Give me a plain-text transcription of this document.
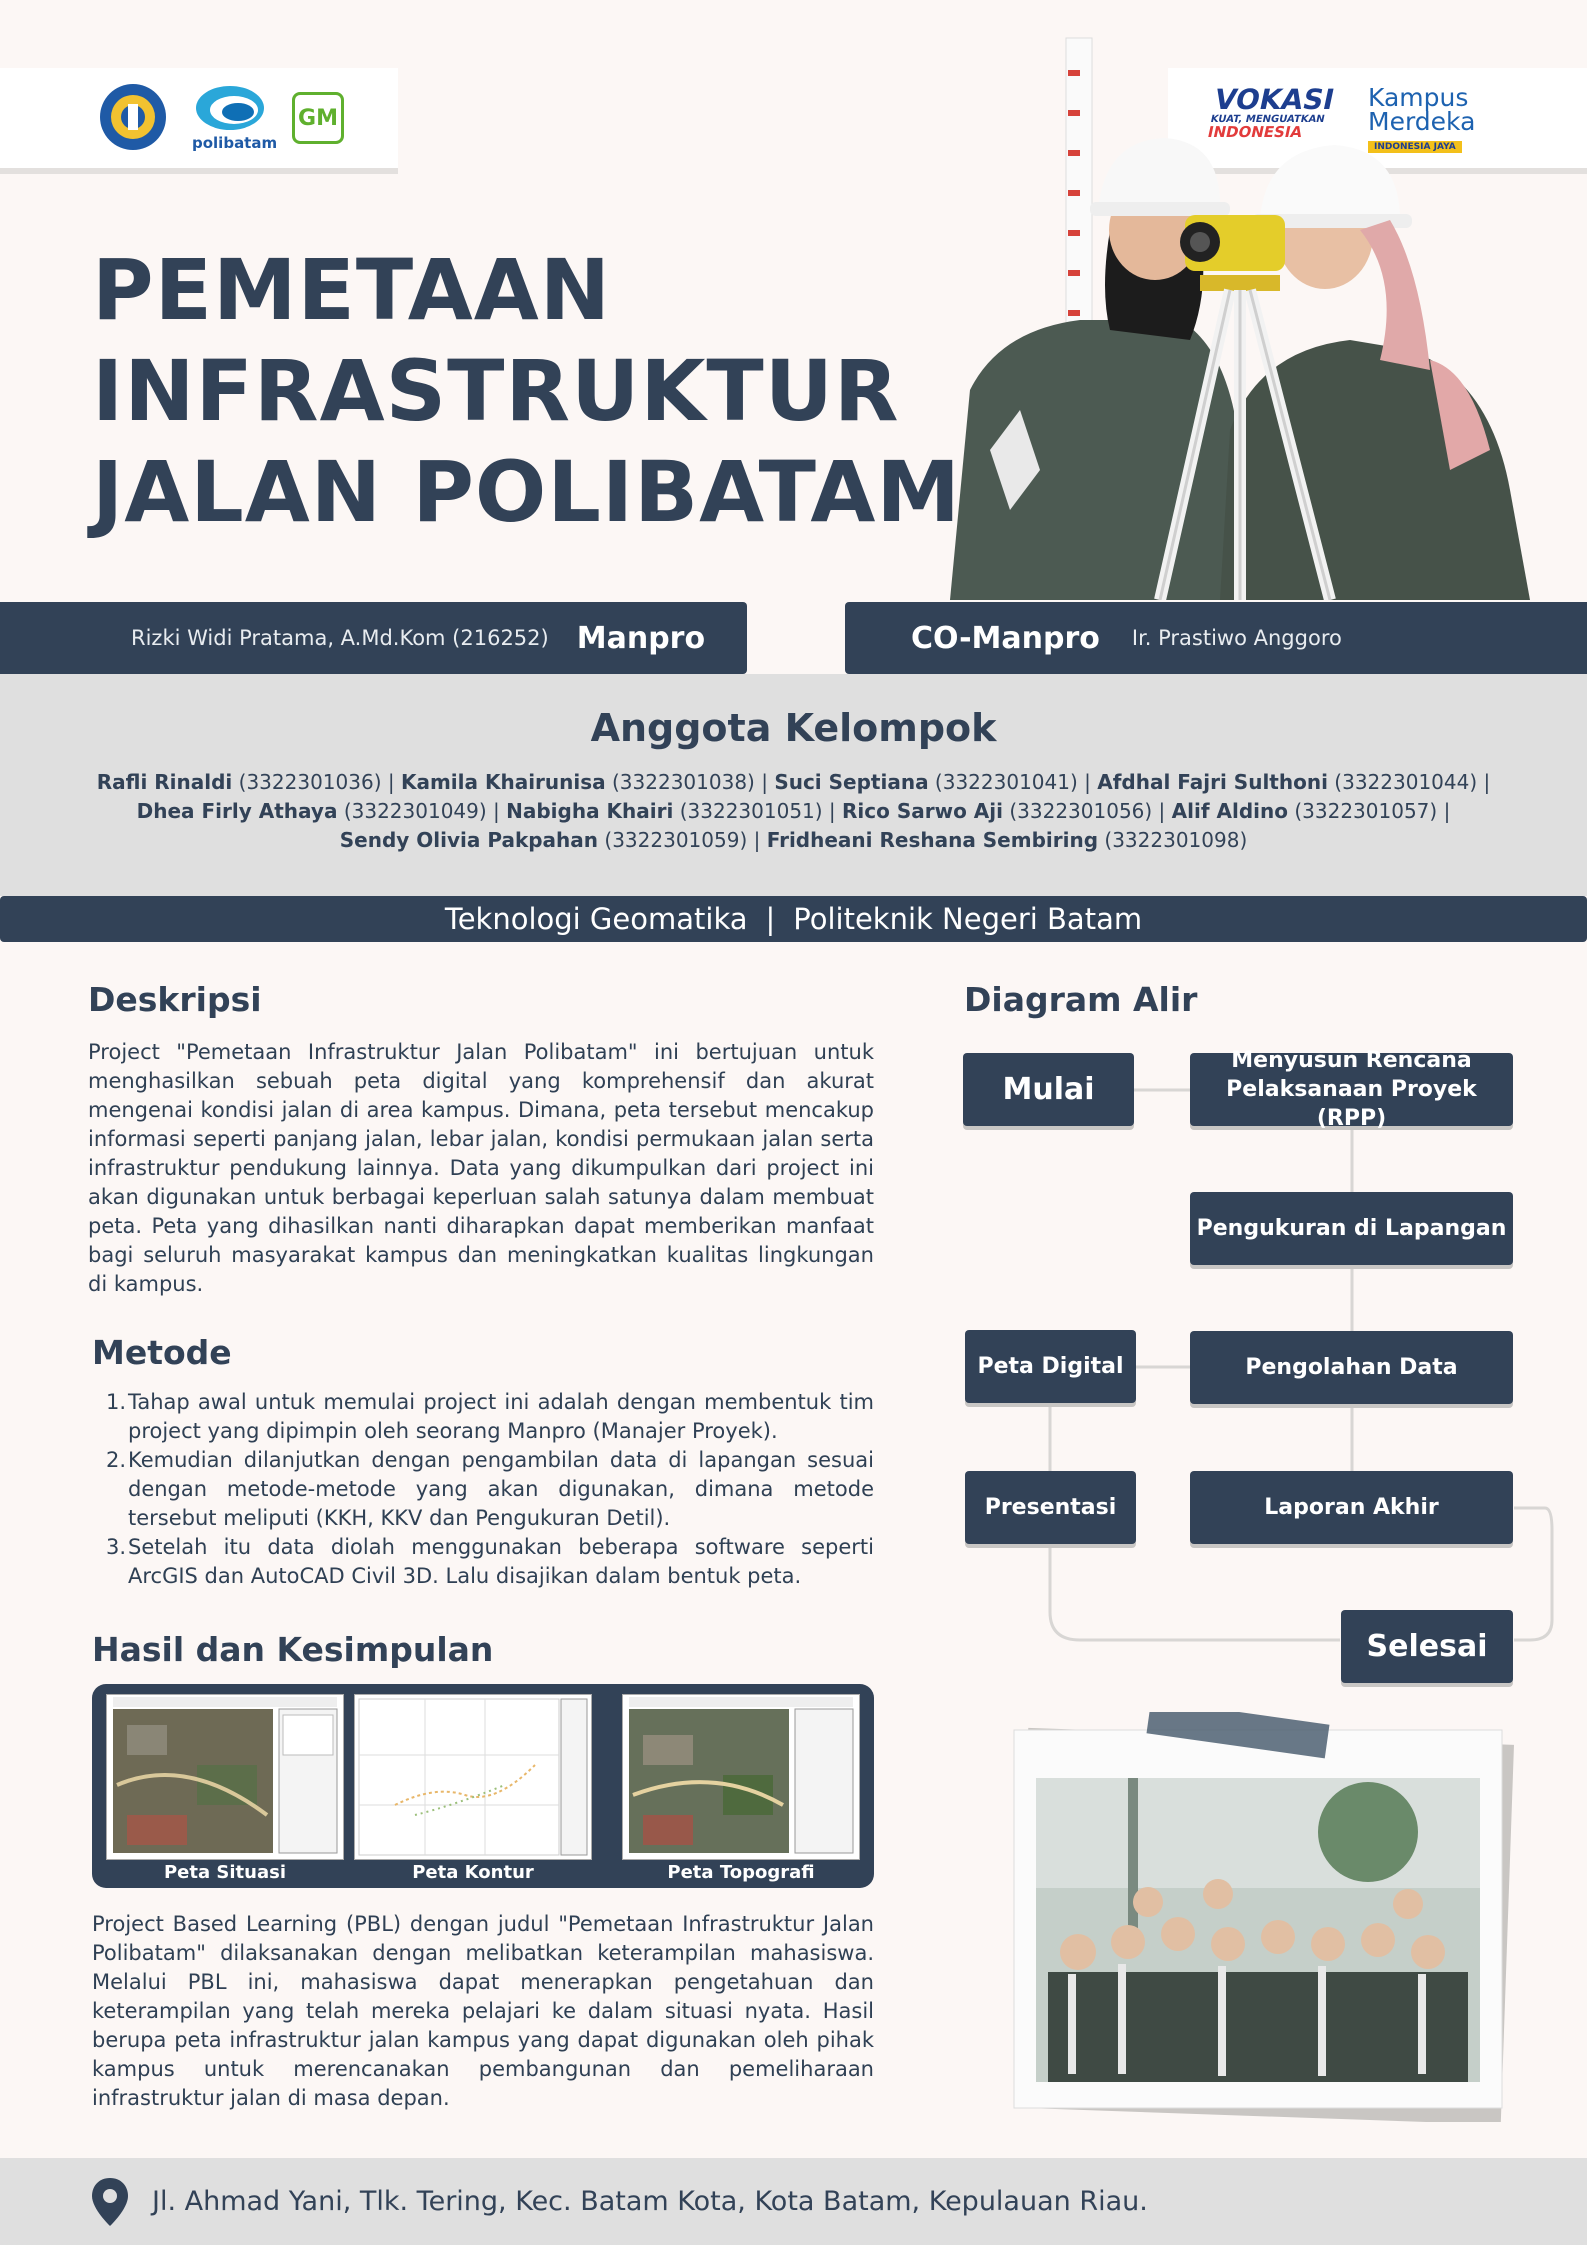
polibatam
GM
VOKASI
KUAT, MENGUATKAN
INDONESIA
Kampus
Merdeka
INDONESIA JAYA
PEMETAAN
INFRASTRUKTUR
JALAN POLIBATAM
Rizki Widi Pratama, A.Md.Kom (216252) Manpro	CO-Manpro Ir. Prastiwo Anggoro
Anggota Kelompok
Rafli Rinaldi (3322301036) | Kamila Khairunisa (3322301038) | Suci Septiana (3322301041) | Afdhal Fajri Sulthoni (3322301044) |
Dhea Firly Athaya (3322301049) | Nabigha Khairi (3322301051) | Rico Sarwo Aji (3322301056) | Alif Aldino (3322301057) |
Sendy Olivia Pakpahan (3322301059) | Fridheani Reshana Sembiring (3322301098)
Teknologi Geomatika | Politeknik Negeri Batam
Deskripsi
Project "Pemetaan Infrastruktur Jalan Polibatam" ini bertujuan untuk menghasilkan sebuah peta digital yang komprehensif dan akurat mengenai kondisi jalan di area kampus. Dimana, peta tersebut mencakup informasi seperti panjang jalan, lebar jalan, kondisi permukaan jalan serta infrastruktur pendukung lainnya. Data yang dikumpulkan dari project ini akan digunakan untuk berbagai keperluan salah satunya dalam membuat peta. Peta yang dihasilkan nanti diharapkan dapat memberikan manfaat bagi seluruh masyarakat kampus dan meningkatkan kualitas lingkungan di kampus.
Metode
1. Tahap awal untuk memulai project ini adalah dengan membentuk tim project yang dipimpin oleh seorang Manpro (Manajer Proyek).
2. Kemudian dilanjutkan dengan pengambilan data di lapangan sesuai dengan metode-metode yang akan digunakan, dimana metode tersebut meliputi (KKH, KKV dan Pengukuran Detil).
3. Setelah itu data diolah menggunakan beberapa software seperti ArcGIS dan AutoCAD Civil 3D. Lalu disajikan dalam bentuk peta.
Hasil dan Kesimpulan
Peta Situasi	Peta Kontur	Peta Topografi
Project Based Learning (PBL) dengan judul "Pemetaan Infrastruktur Jalan Polibatam" dilaksanakan dengan melibatkan keterampilan mahasiswa. Melalui PBL ini, mahasiswa dapat menerapkan pengetahuan dan keterampilan yang telah mereka pelajari ke dalam situasi nyata. Hasil berupa peta infrastruktur jalan kampus yang dapat digunakan oleh pihak kampus untuk merencanakan pembangunan dan pemeliharaan infrastruktur jalan di masa depan.
Diagram Alir
Mulai
Menyusun Rencana Pelaksanaan Proyek (RPP)
Pengukuran di Lapangan
Peta Digital	Pengolahan Data
Presentasi	Laporan Akhir
Selesai
Jl. Ahmad Yani, Tlk. Tering, Kec. Batam Kota, Kota Batam, Kepulauan Riau.
